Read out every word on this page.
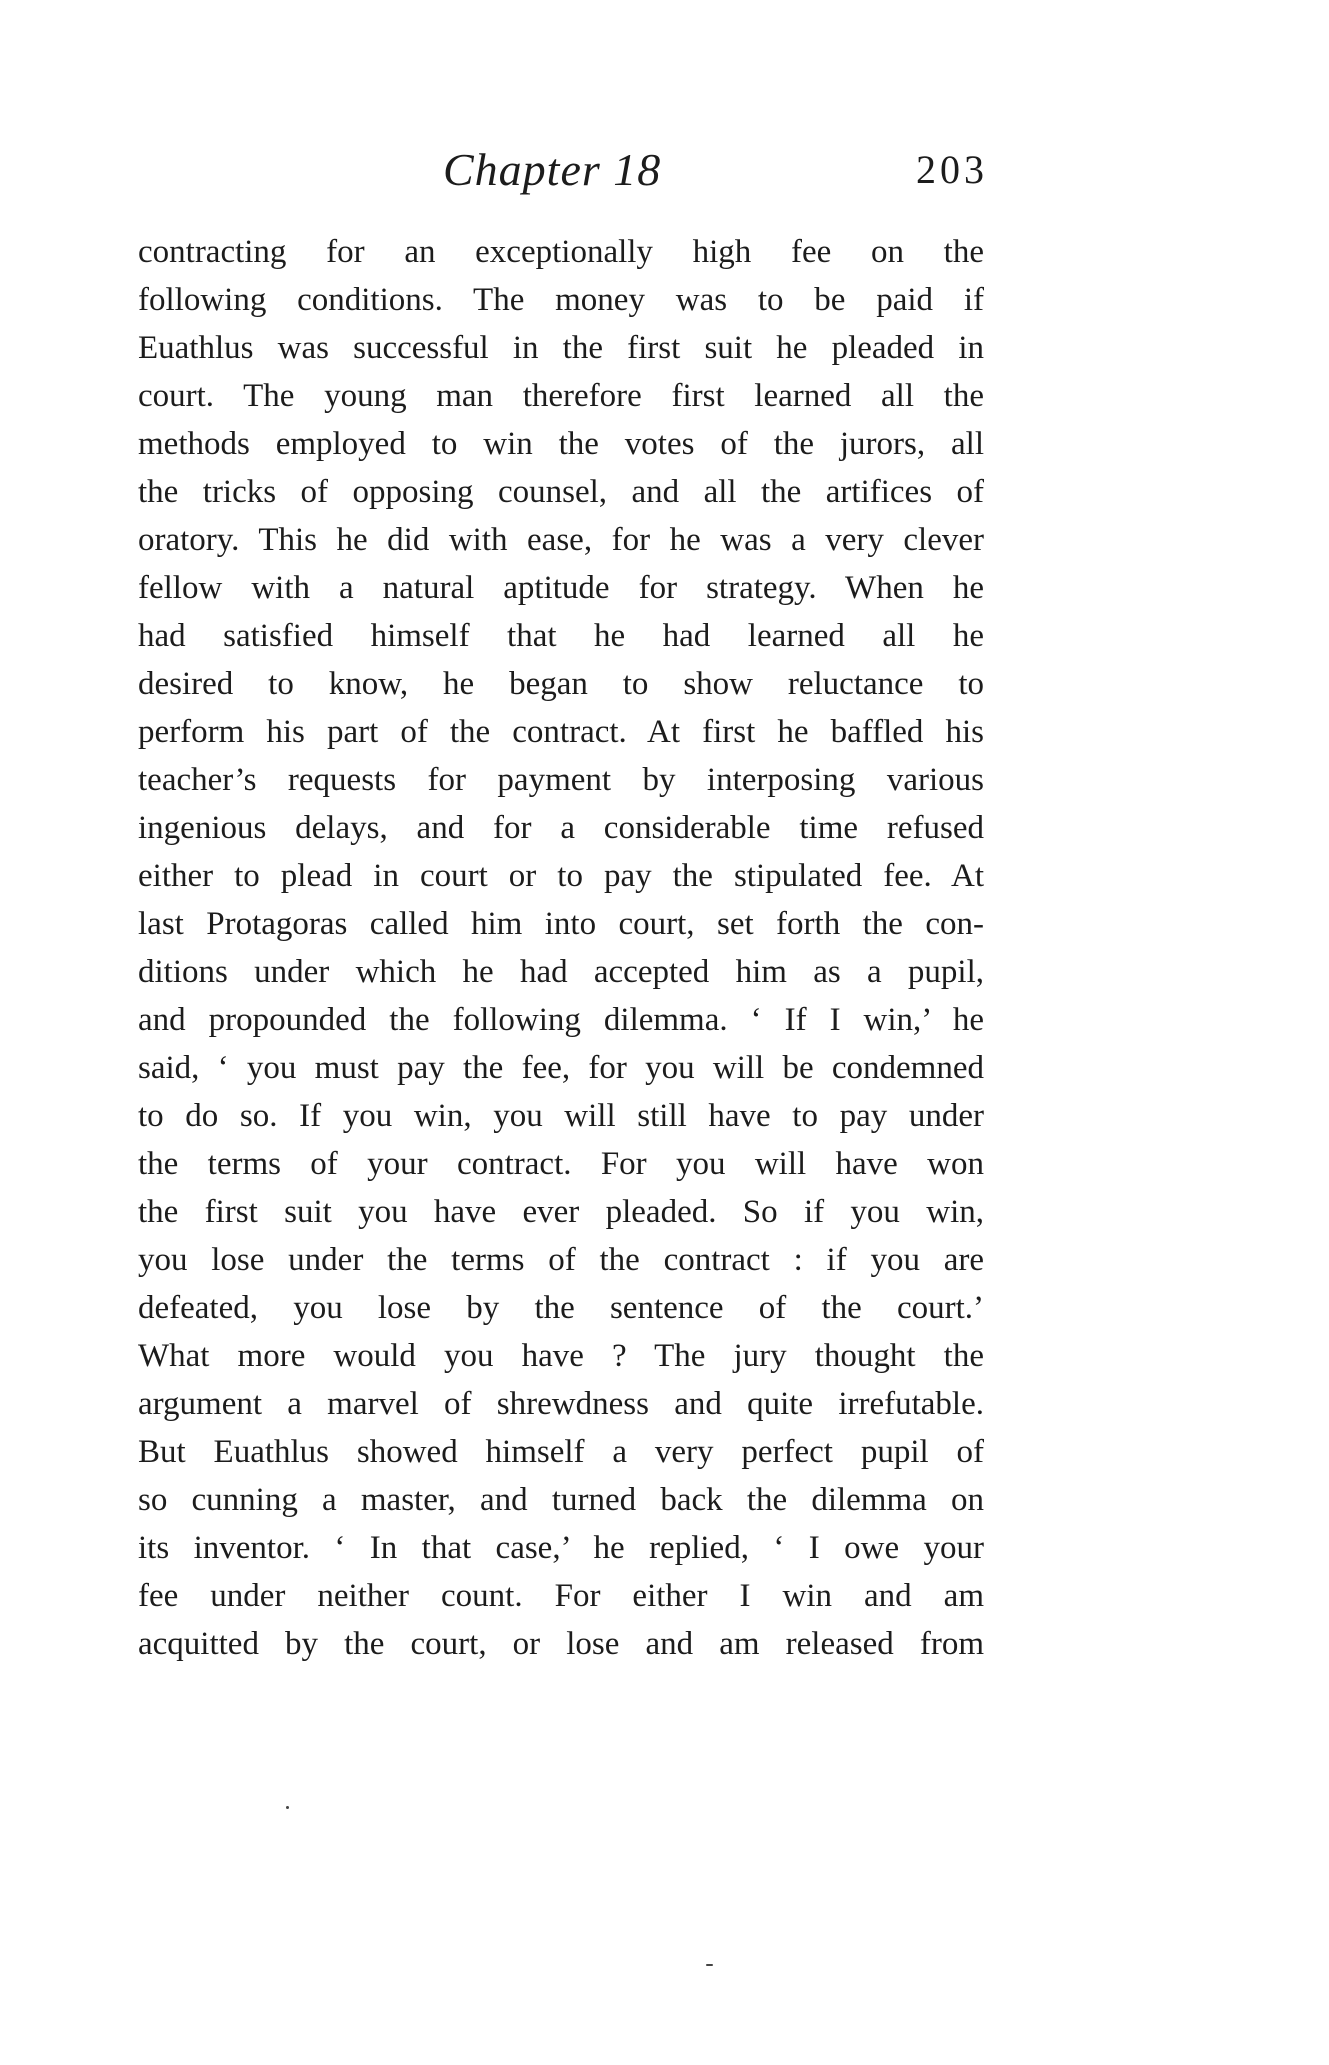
Chapter 18	203
contracting for an exceptionally high fee on the
following conditions. The money was to be paid if
Euathlus was successful in the first suit he pleaded in
court. The young man therefore first learned all the
methods employed to win the votes of the jurors, all
the tricks of opposing counsel, and all the artifices of
oratory. This he did with ease, for he was a very clever
fellow with a natural aptitude for strategy. When he
had satisfied himself that he had learned all he
desired to know, he began to show reluctance to
perform his part of the contract. At first he baffled his
teacher’s requests for payment by interposing various
ingenious delays, and for a considerable time refused
either to plead in court or to pay the stipulated fee. At
last Protagoras called him into court, set forth the con-
ditions under which he had accepted him as a pupil,
and propounded the following dilemma. ‘ If I win,’ he
said, ‘ you must pay the fee, for you will be condemned
to do so. If you win, you will still have to pay under
the terms of your contract. For you will have won
the first suit you have ever pleaded. So if you win,
you lose under the terms of the contract : if you are
defeated, you lose by the sentence of the court.’
What more would you have ? The jury thought the
argument a marvel of shrewdness and quite irrefutable.
But Euathlus showed himself a very perfect pupil of
so cunning a master, and turned back the dilemma on
its inventor. ‘ In that case,’ he replied, ‘ I owe your
fee under neither count. For either I win and am
acquitted by the court, or lose and am released from
